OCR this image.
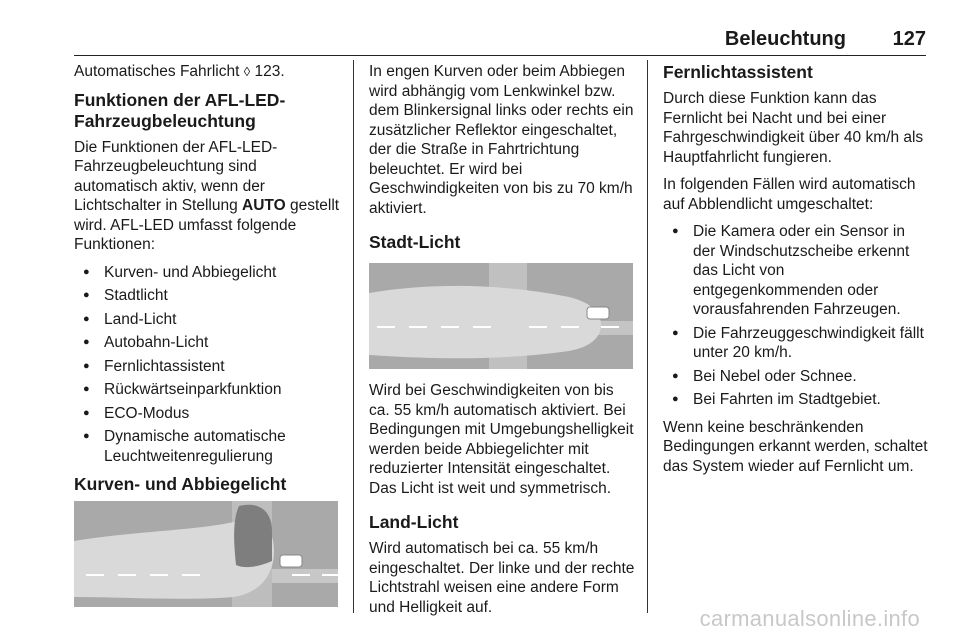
Beleuchtung 127

Automatisches Fahrlicht ◊ 123.

Funktionen der AFL-LED-Fahrzeugbeleuchtung

Die Funktionen der AFL-LED-Fahrzeugbeleuchtung sind automatisch aktiv, wenn der Lichtschalter in Stellung AUTO gestellt wird. AFL-LED umfasst folgende Funktionen:

● Kurven- und Abbiegelicht
● Stadtlicht
● Land-Licht
● Autobahn-Licht
● Fernlichtassistent
● Rückwärtseinparkfunktion
● ECO-Modus
● Dynamische automatische Leuchtweitenregulierung
Kurven- und Abbiegelicht

In engen Kurven oder beim Abbiegen wird abhängig vom Lenkwinkel bzw. dem Blinkersignal links oder rechts ein zusätzlicher Reflektor eingeschaltet, der die Straße in Fahrtrichtung beleuchtet. Er wird bei Geschwindigkeiten von bis zu 70 km/h aktiviert.

Stadt-Licht

Wird bei Geschwindigkeiten von bis ca. 55 km/h automatisch aktiviert. Bei Bedingungen mit Umgebungshelligkeit werden beide Abbiegelichter mit reduzierter Intensität eingeschaltet. Das Licht ist weit und symmetrisch.

Land-Licht

Wird automatisch bei ca. 55 km/h eingeschaltet. Der linke und der rechte Lichtstrahl weisen eine andere Form und Helligkeit auf.

Fernlichtassistent

Durch diese Funktion kann das Fernlicht bei Nacht und bei einer Fahrgeschwindigkeit über 40 km/h als Hauptfahrlicht fungieren.

In folgenden Fällen wird automatisch auf Abblendlicht umgeschaltet:

● Die Kamera oder ein Sensor in der Windschutzscheibe erkennt das Licht von entgegenkommenden oder vorausfahrenden Fahrzeugen.
● Die Fahrzeuggeschwindigkeit fällt unter 20 km/h.
● Bei Nebel oder Schnee.
● Bei Fahrten im Stadtgebiet.

Wenn keine beschränkenden Bedingungen erkannt werden, schaltet das System wieder auf Fernlicht um.

carmanualsonline.info
